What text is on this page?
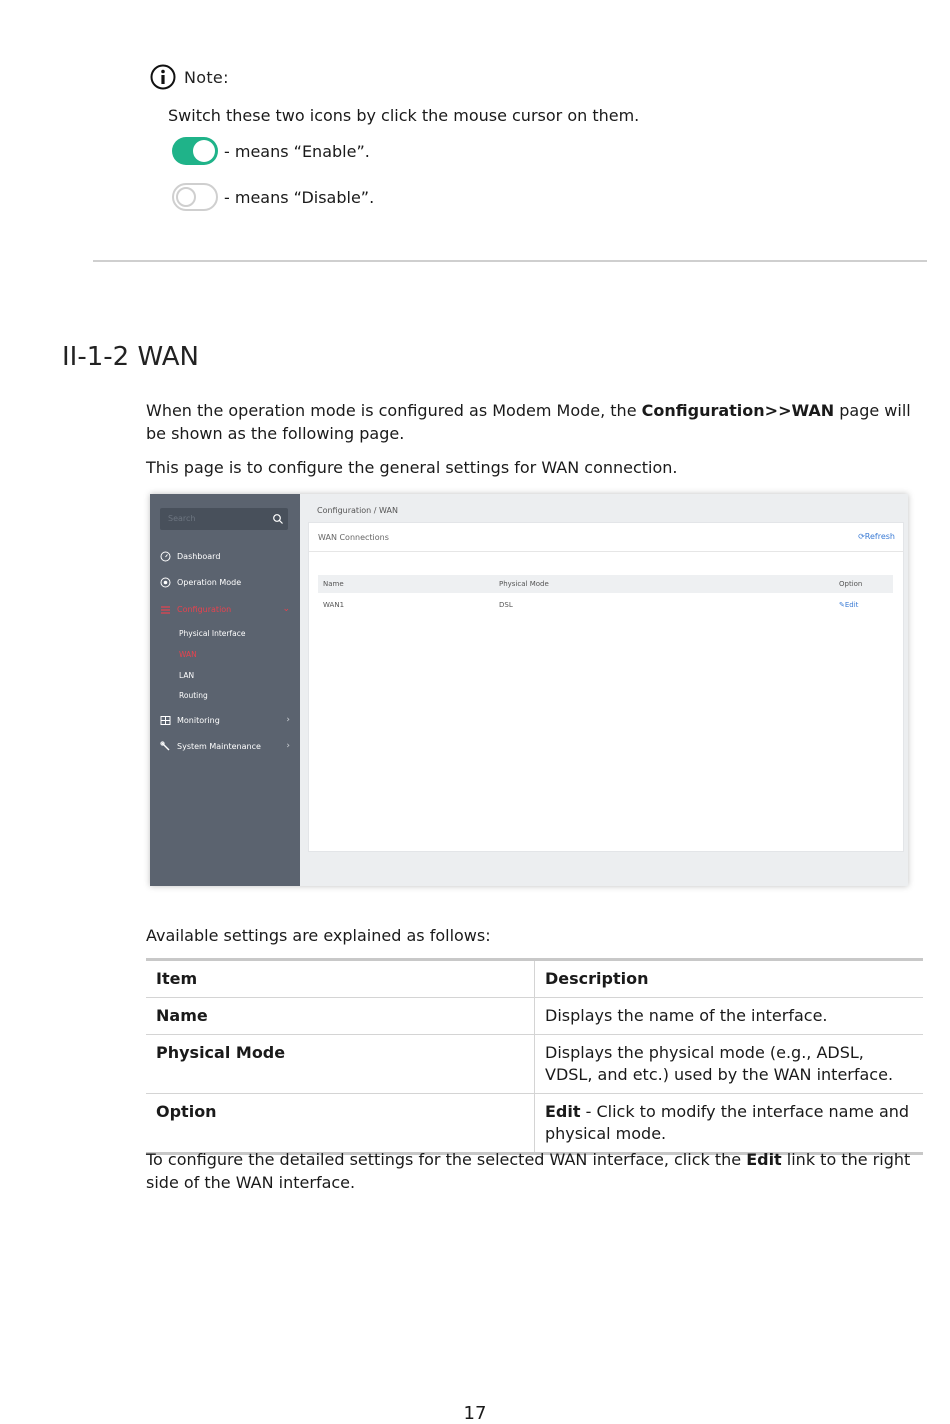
Note:
Switch these two icons by click the mouse cursor on them.
- means “Enable”.
- means “Disable”.
II-1-2 WAN

When the operation mode is configured as Modem Mode, the Configuration>>WAN page will be shown as the following page.

This page is to configure the general settings for WAN connection.

Search
Dashboard
Operation Mode
Configuration	⌄
Physical Interface
WAN
LAN
Routing
Monitoring	›
System Maintenance	›
Configuration / WAN
WAN Connections	⟳Refresh
Name	Physical Mode	Option
WAN1	DSL	✎Edit

Available settings are explained as follows:

Item	Description
Name	Displays the name of the interface.
Physical Mode	Displays the physical mode (e.g., ADSL, VDSL, and etc.) used by the WAN interface.
Option	Edit - Click to modify the interface name and physical mode.

To configure the detailed settings for the selected WAN interface, click the Edit link to the right side of the WAN interface.

17
